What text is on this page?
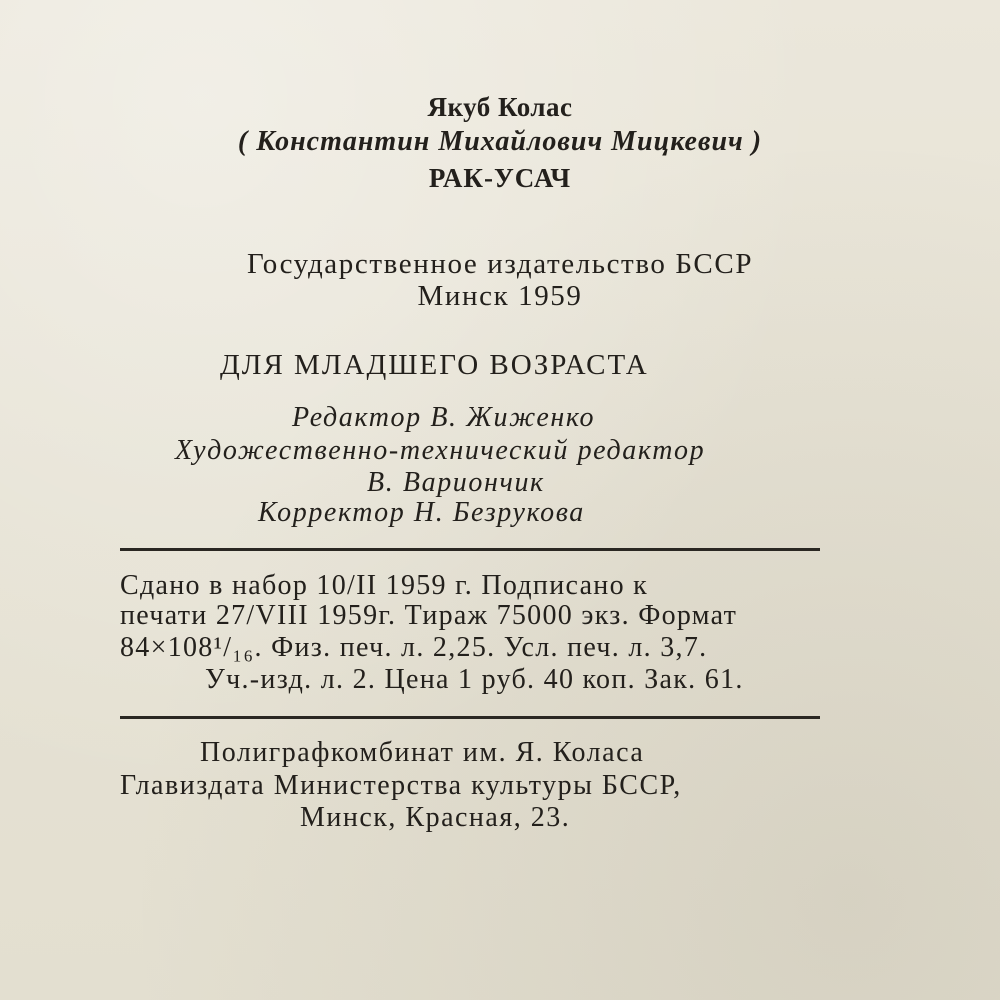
Якуб Колас
( Константин Михайлович Мицкевич )
РАК-УСАЧ
Государственное издательство БССР
Минск 1959
ДЛЯ МЛАДШЕГО ВОЗРАСТА
Редактор В. Жиженко
Художественно-технический редактор
В. Вариончик
Корректор Н. Безрукова
Сдано в набор 10/II 1959 г. Подписано к
печати 27/VIII 1959г. Тираж 75000 экз. Формат
84×108¹/₁₆. Физ. печ. л. 2,25. Усл. печ. л. 3,7.
Уч.-изд. л. 2. Цена 1 руб. 40 коп. Зак. 61.
Полиграфкомбинат им. Я. Коласа
Главиздата Министерства культуры БССР,
Минск, Красная, 23.
